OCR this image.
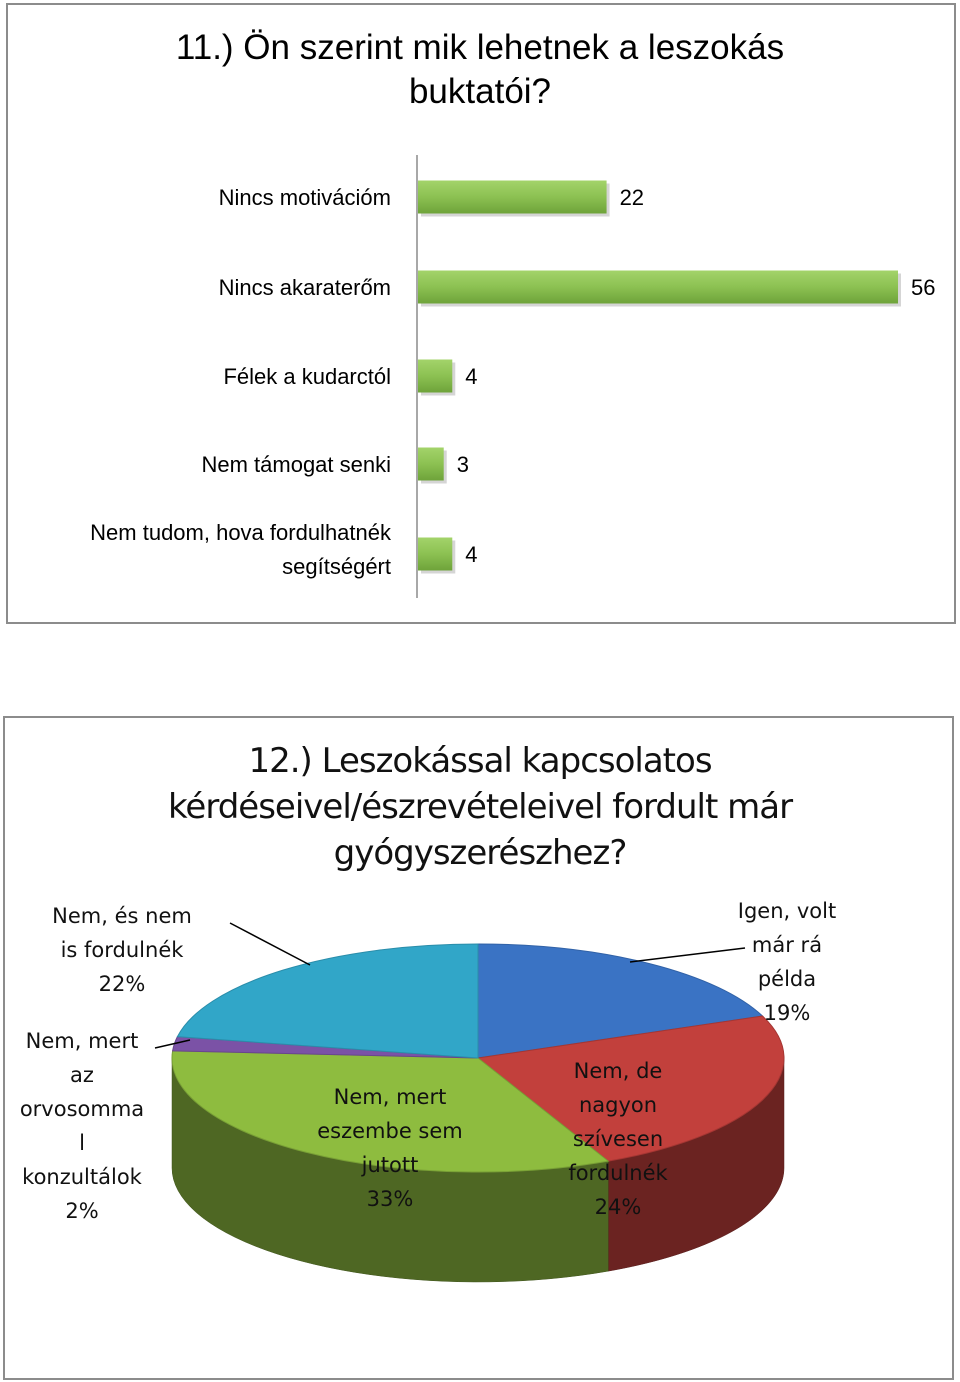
11.) Ön szerint mik lehetnek a leszokás
buktatói?
12.) Leszokással kapcsolatos
kérdéseivel/észrevételeivel fordult már
gyógyszerészhez?
22
Nincs motivációm
56
Nincs akaraterőm
4
Félek a kudarctól
3
Nem támogat senki
4
Nem tudom, hova fordulhatnék
segítségért
Igen, volt
már rá
példa
19%
Nem, de
nagyon
szívesen
fordulnék
24%
Nem, mert
eszembe sem
jutott
33%
Nem, mert
az
orvosomma
l
konzultálok
2%
Nem, és nem
is fordulnék
22%
